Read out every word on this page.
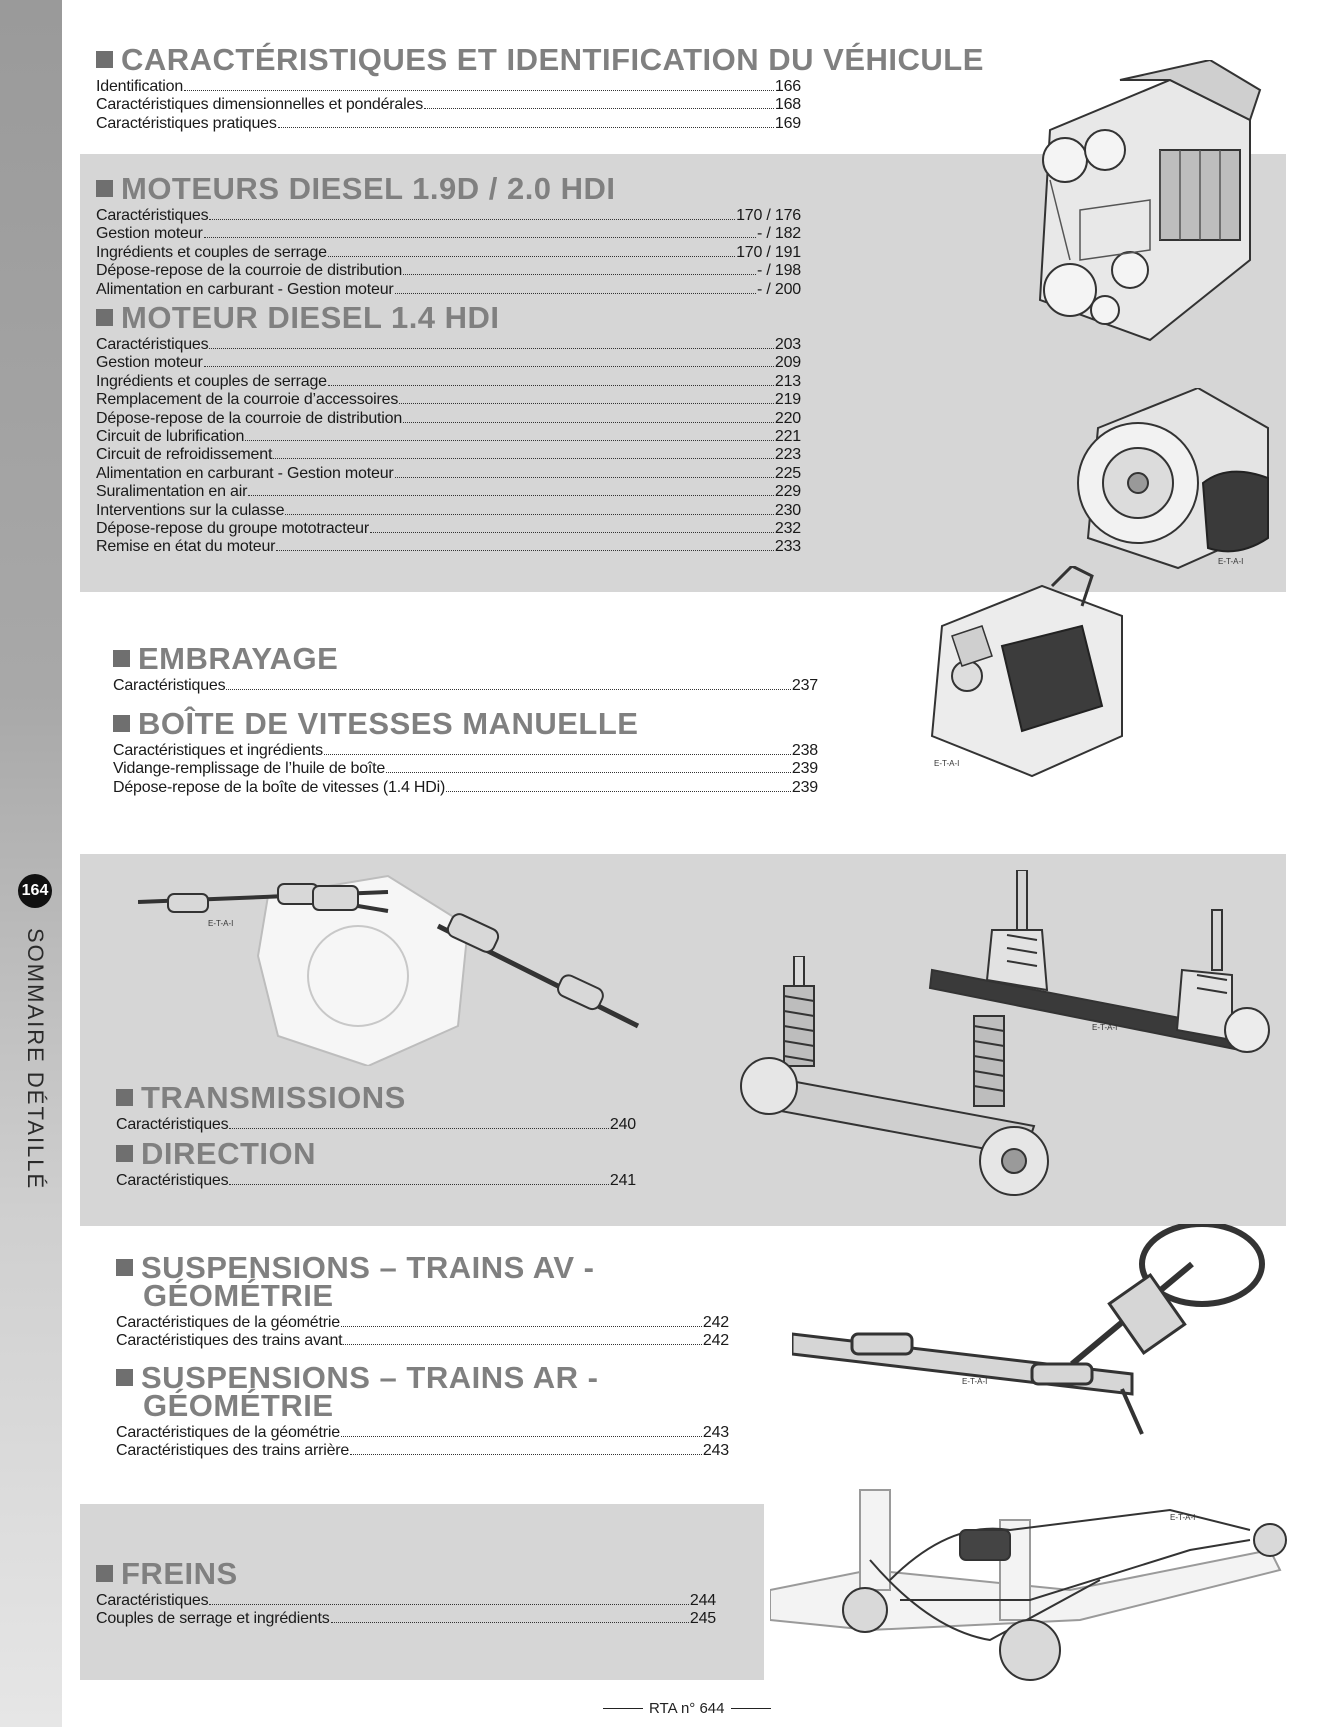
164
SOMMAIRE DÉTAILLÉ
CARACTÉRISTIQUES ET IDENTIFICATION DU VÉHICULE
Identification	166
Caractéristiques dimensionnelles et pondérales	168
Caractéristiques pratiques	169
MOTEURS DIESEL 1.9D / 2.0 HDI
Caractéristiques	170 / 176
Gestion moteur	- / 182
Ingrédients et couples de serrage	170 / 191
Dépose-repose de la courroie de distribution	- / 198
Alimentation en carburant - Gestion moteur	- / 200
MOTEUR DIESEL 1.4 HDI
Caractéristiques	203
Gestion moteur	209
Ingrédients et couples de serrage	213
Remplacement de la courroie d’accessoires	219
Dépose-repose de la courroie de distribution	220
Circuit de lubrification	221
Circuit de refroidissement	223
Alimentation en carburant - Gestion moteur	225
Suralimentation en air	229
Interventions sur la culasse	230
Dépose-repose du groupe mototracteur	232
Remise en état du moteur	233
EMBRAYAGE
Caractéristiques	237
BOÎTE DE VITESSES MANUELLE
Caractéristiques et ingrédients	238
Vidange-remplissage de l’huile de boîte	239
Dépose-repose de la boîte de vitesses (1.4 HDi)	239
TRANSMISSIONS
Caractéristiques	240
DIRECTION
Caractéristiques	241
SUSPENSIONS – TRAINS AV -
GÉOMÉTRIE
Caractéristiques de la géométrie	242
Caractéristiques des trains avant	242
SUSPENSIONS – TRAINS AR -
GÉOMÉTRIE
Caractéristiques de la géométrie	243
Caractéristiques des trains arrière	243
FREINS
Caractéristiques	244
Couples de serrage et ingrédients	245
E-T-A-I
E-T-A-I
E-T-A-I
E-T-A-I
E-T-A-I
E-T-A-I
RTA n° 644
